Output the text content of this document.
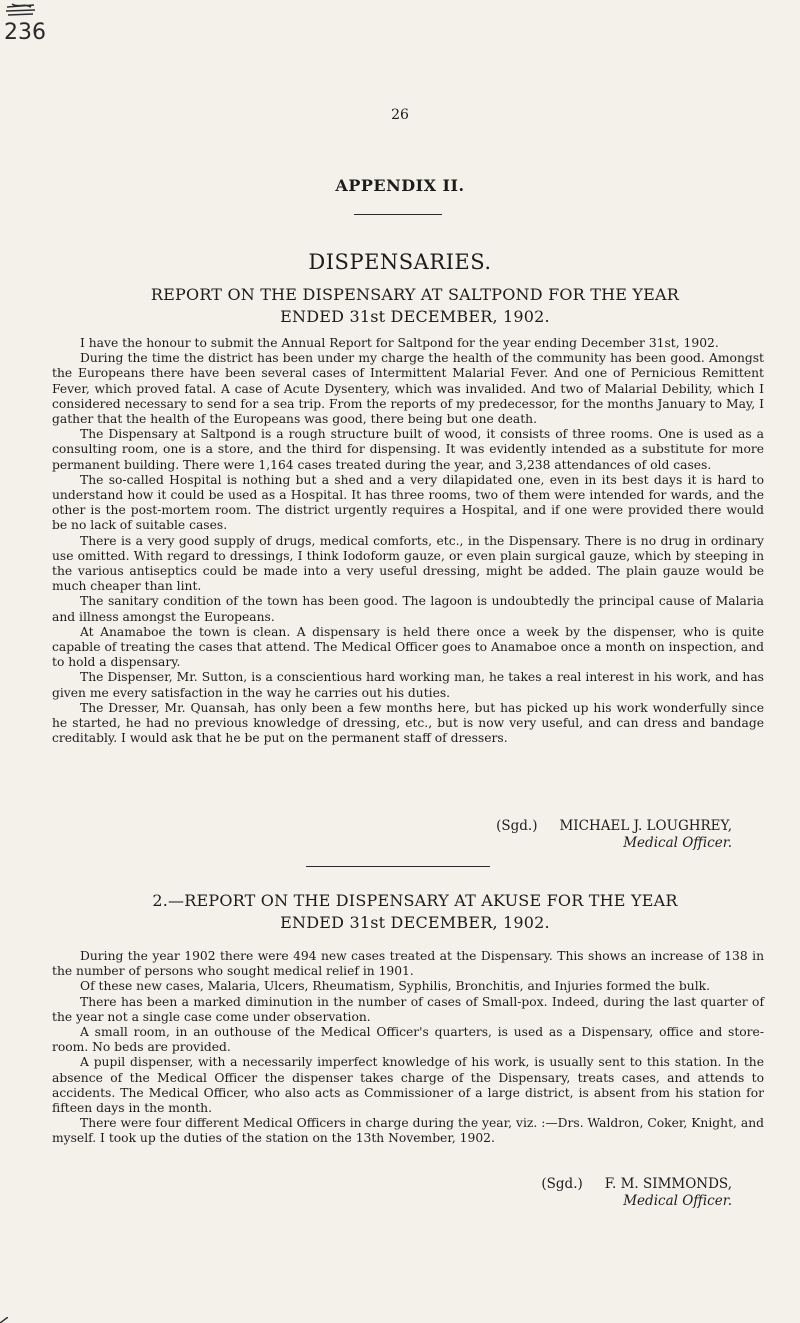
236
26
APPENDIX II.
DISPENSARIES.
REPORT ON THE DISPENSARY AT SALTPOND FOR THE YEAR
ENDED 31st DECEMBER, 1902.

I have the honour to submit the Annual Report for Saltpond for the year ending December 31st, 1902.

During the time the district has been under my charge the health of the community has been good. Amongst the Europeans there have been several cases of Intermittent Malarial Fever. And one of Pernicious Remittent Fever, which proved fatal. A case of Acute Dysentery, which was invalided. And two of Malarial Debility, which I considered necessary to send for a sea trip. From the reports of my predecessor, for the months January to May, I gather that the health of the Europeans was good, there being but one death.

The Dispensary at Saltpond is a rough structure built of wood, it consists of three rooms. One is used as a consulting room, one is a store, and the third for dispensing. It was evidently intended as a substitute for more permanent building. There were 1,164 cases treated during the year, and 3,238 attendances of old cases.

The so-called Hospital is nothing but a shed and a very dilapidated one, even in its best days it is hard to understand how it could be used as a Hospital. It has three rooms, two of them were intended for wards, and the other is the post-mortem room. The district urgently requires a Hospital, and if one were provided there would be no lack of suitable cases.

There is a very good supply of drugs, medical comforts, etc., in the Dispensary. There is no drug in ordinary use omitted. With regard to dressings, I think Iodoform gauze, or even plain surgical gauze, which by steeping in the various antiseptics could be made into a very useful dressing, might be added. The plain gauze would be much cheaper than lint.

The sanitary condition of the town has been good. The lagoon is undoubtedly the principal cause of Malaria and illness amongst the Europeans.

At Anamaboe the town is clean. A dispensary is held there once a week by the dispenser, who is quite capable of treating the cases that attend. The Medical Officer goes to Anamaboe once a month on inspection, and to hold a dispensary.

The Dispenser, Mr. Sutton, is a conscientious hard working man, he takes a real interest in his work, and has given me every satisfaction in the way he carries out his duties.

The Dresser, Mr. Quansah, has only been a few months here, but has picked up his work wonderfully since he started, he had no previous knowledge of dressing, etc., but is now very useful, and can dress and bandage creditably. I would ask that he be put on the permanent staff of dressers.

(Sgd.) MICHAEL J. LOUGHREY,
Medical Officer.
2.—REPORT ON THE DISPENSARY AT AKUSE FOR THE YEAR
ENDED 31st DECEMBER, 1902.

During the year 1902 there were 494 new cases treated at the Dispensary. This shows an increase of 138 in the number of persons who sought medical relief in 1901.

Of these new cases, Malaria, Ulcers, Rheumatism, Syphilis, Bronchitis, and Injuries formed the bulk.

There has been a marked diminution in the number of cases of Small-pox. Indeed, during the last quarter of the year not a single case come under observation.

A small room, in an outhouse of the Medical Officer's quarters, is used as a Dispensary, office and store-room. No beds are provided.

A pupil dispenser, with a necessarily imperfect knowledge of his work, is usually sent to this station. In the absence of the Medical Officer the dispenser takes charge of the Dispensary, treats cases, and attends to accidents. The Medical Officer, who also acts as Commissioner of a large district, is absent from his station for fifteen days in the month.

There were four different Medical Officers in charge during the year, viz. :—Drs. Waldron, Coker, Knight, and myself. I took up the duties of the station on the 13th November, 1902.

(Sgd.) F. M. SIMMONDS,
Medical Officer.
